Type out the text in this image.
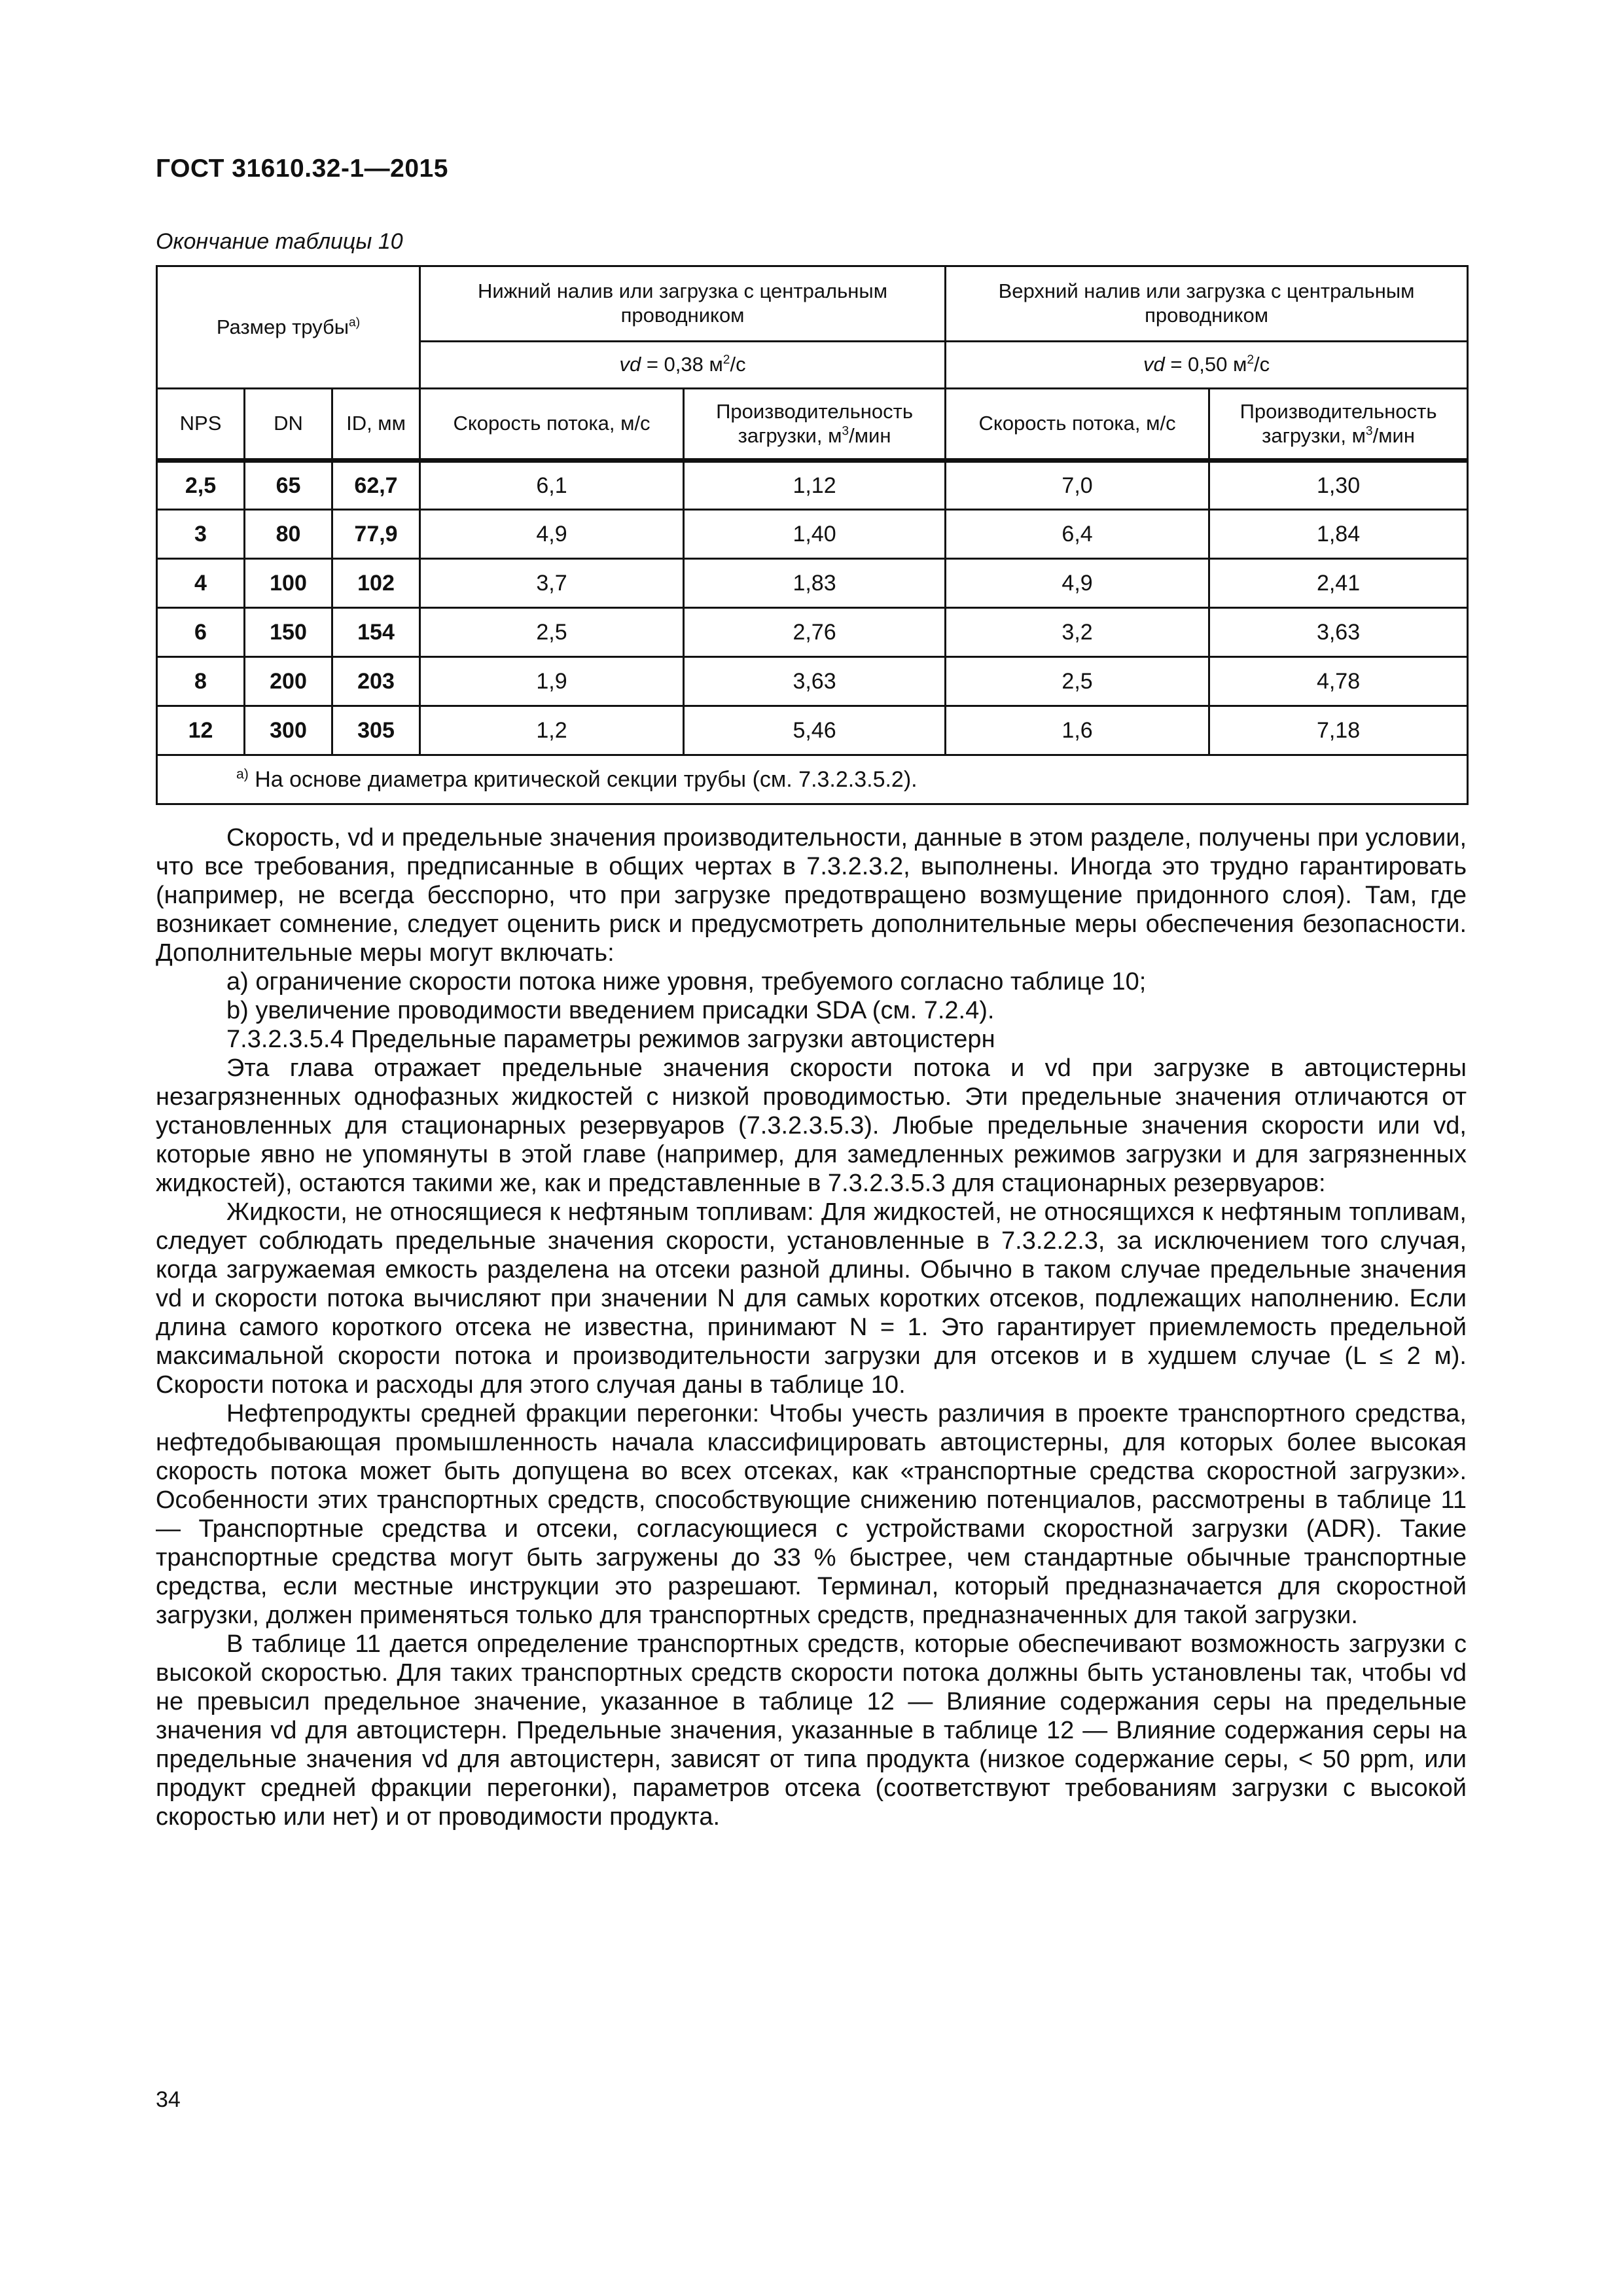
ГОСТ 31610.32-1—2015
Окончание таблицы 10
Размер трубы$^{a)}$			Нижний налив или загрузка с центральным проводником		Верхний налив или загрузка с центральным проводником	
			vd = 0,38 $м^2/с$		vd = 0,50 $м^2/с$	
NPS	DN	ID, мм	Скорость потока, м/с	Производительность загрузки, $м^3$/мин	Скорость потока, м/с	Производительность загрузки, $м^3$/мин
2,5	65	62,7	6,1	1,12	7,0	1,30
3	80	77,9	4,9	1,40	6,4	1,84
4	100	102	3,7	1,83	4,9	2,41
6	150	154	2,5	2,76	3,2	3,63
8	200	203	1,9	3,63	2,5	4,78
12	300	305	1,2	5,46	1,6	7,18
$^{a)}$ На основе диаметра критической секции трубы (см. 7.3.2.3.5.2).						

Скорость, vd и предельные значения производительности, данные в этом разделе, получены при условии, что все требования, предписанные в общих чертах в 7.3.2.3.2, выполнены. Иногда это трудно гарантировать (например, не всегда бесспорно, что при загрузке предотвращено возмущение придонного слоя). Там, где возникает сомнение, следует оценить риск и предусмотреть дополнительные меры обеспечения безопасности. Дополнительные меры могут включать:

a) ограничение скорости потока ниже уровня, требуемого согласно таблице 10;

b) увеличение проводимости введением присадки SDA (см. 7.2.4).

7.3.2.3.5.4 Предельные параметры режимов загрузки автоцистерн

Эта глава отражает предельные значения скорости потока и vd при загрузке в автоцистерны незагрязненных однофазных жидкостей с низкой проводимостью. Эти предельные значения отличаются от установленных для стационарных резервуаров (7.3.2.3.5.3). Любые предельные значения скорости или vd, которые явно не упомянуты в этой главе (например, для замедленных режимов загрузки и для загрязненных жидкостей), остаются такими же, как и представленные в 7.3.2.3.5.3 для стационарных резервуаров:

Жидкости, не относящиеся к нефтяным топливам: Для жидкостей, не относящихся к нефтяным топливам, следует соблюдать предельные значения скорости, установленные в 7.3.2.2.3, за исключением того случая, когда загружаемая емкость разделена на отсеки разной длины. Обычно в таком случае предельные значения vd и скорости потока вычисляют при значении N для самых коротких отсеков, подлежащих наполнению. Если длина самого короткого отсека не известна, принимают N = 1. Это гарантирует приемлемость предельной максимальной скорости потока и производительности загрузки для отсеков и в худшем случае (L ≤ 2 м). Скорости потока и расходы для этого случая даны в таблице 10.

Нефтепродукты средней фракции перегонки: Чтобы учесть различия в проекте транспортного средства, нефтедобывающая промышленность начала классифицировать автоцистерны, для которых более высокая скорость потока может быть допущена во всех отсеках, как «транспортные средства скоростной загрузки». Особенности этих транспортных средств, способствующие снижению потенциалов, рассмотрены в таблице 11 — Транспортные средства и отсеки, согласующиеся с устройствами скоростной загрузки (ADR). Такие транспортные средства могут быть загружены до 33 % быстрее, чем стандартные обычные транспортные средства, если местные инструкции это разрешают. Терминал, который предназначается для скоростной загрузки, должен применяться только для транспортных средств, предназначенных для такой загрузки.

В таблице 11 дается определение транспортных средств, которые обеспечивают возможность загрузки с высокой скоростью. Для таких транспортных средств скорости потока должны быть установлены так, чтобы vd не превысил предельное значение, указанное в таблице 12 — Влияние содержания серы на предельные значения vd для автоцистерн. Предельные значения, указанные в таблице 12 — Влияние содержания серы на предельные значения vd для автоцистерн, зависят от типа продукта (низкое содержание серы, < 50 ppm, или продукт средней фракции перегонки), параметров отсека (соответствуют требованиям загрузки с высокой скоростью или нет) и от проводимости продукта.

34
